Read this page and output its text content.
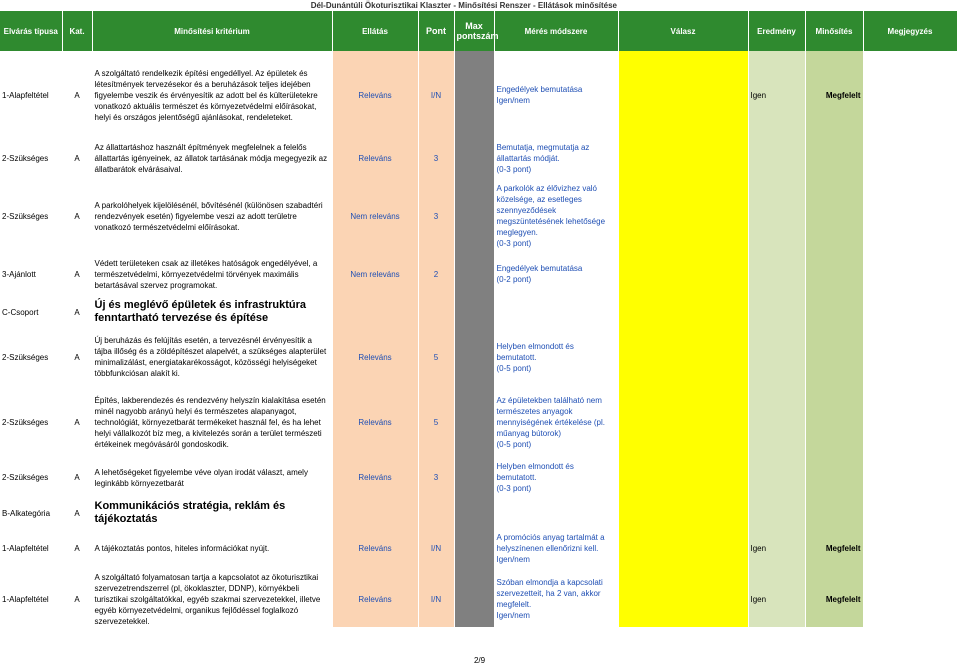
Dél-Dunántúli Ökoturisztikai Klaszter - Minősítési Renszer - Ellátások minősítése
Elvárás típusa	Kat.	Minősítési kritérium	Ellátás	Pont	Max pontszám	Mérés módszere	Válasz	Eredmény	Minősítés	Megjegyzés

1-Alapfeltétel	A	A szolgáltató rendelkezik építési engedéllyel. Az épületek és létesítmények tervezésekor és a beruházások teljes idejében figyelembe veszik és érvényesítik az adott bel és külterületekre vonatkozó aktuális természet és környezetvédelmi előírásokat, helyi és országos jelentőségű ajánlásokat, rendeleteket.	Releváns	I/N		Engedélyek bemutatása
Igen/nem		Igen	Megfelelt	

2-Szükséges	A	Az állattartáshoz használt építmények megfelelnek a felelős állattartás igényeinek, az állatok tartásának módja megegyezik az állatbarátok elvárásaival.	Releváns	3		Bemutatja, megmutatja az állattartás módját.
(0-3 pont)				

2-Szükséges	A	A parkolóhelyek kijelölésénél, bővítésénél (különösen szabadtéri rendezvények esetén) figyelembe veszi az adott területre vonatkozó természetvédelmi előírásokat.	Nem releváns	3		A parkolók az élővizhez való közelsége, az esetleges szennyeződések megszüntetésének lehetősége meglegyen.
(0-3 pont)				

3-Ajánlott	A	Védett területeken csak az illetékes hatóságok engedélyével, a természetvédelmi, környezetvédelmi törvények maximális betartásával szervez programokat.	Nem releváns	2		Engedélyek bemutatása
(0-2 pont)				

C-Csoport	A	Új és meglévő épületek és infrastruktúra fenntartható tervezése és építése								

2-Szükséges	A	Új beruházás és felújítás esetén, a tervezésnél érvényesítik a tájba illőség és a zöldépítészet alapelvét, a szükséges alapterület minimalizálást, energiatakarékosságot, közösségi helyiségeket többfunkciósan alakít ki.	Releváns	5		Helyben elmondott és bemutatott.
(0-5 pont)				

2-Szükséges	A	Építés, lakberendezés és rendezvény helyszín kialakítása esetén minél nagyobb arányú helyi és természetes alapanyagot, technológiát, környezetbarát termékeket használ fel, és ha lehet helyi vállalkozót bíz meg, a kivitelezés során a terület természeti értékeinek megóvásáról gondoskodik.	Releváns	5		Az épületekben található nem természetes anyagok mennyiségének értékelése (pl. műanyag bútorok)
(0-5 pont)				

2-Szükséges	A	A lehetőségeket figyelembe véve olyan irodát választ, amely leginkább környezetbarát	Releváns	3		Helyben elmondott és bemutatott.
(0-3 pont)				

B-Alkategória	A	Kommunikációs stratégia, reklám és tájékoztatás								

1-Alapfeltétel	A	A tájékoztatás pontos, hiteles információkat nyújt.	Releváns	I/N		A promóciós anyag tartalmát a helyszínenen ellenőrizni kell.
Igen/nem		Igen	Megfelelt	

1-Alapfeltétel	A	A szolgáltató folyamatosan tartja a kapcsolatot az ökoturisztikai szervezetrendszerrel (pl, ökoklaszter, DDNP), környékbeli turisztikai szolgáltatókkal, egyéb szakmai szervezetekkel, illetve egyéb környezetvédelmi, organikus fejlődéssel foglalkozó szervezetekkel.	Releváns	I/N		Szóban elmondja a kapcsolati szervezetteit, ha 2 van, akkor megfelelt.
Igen/nem		Igen	Megfelelt	
2/9
